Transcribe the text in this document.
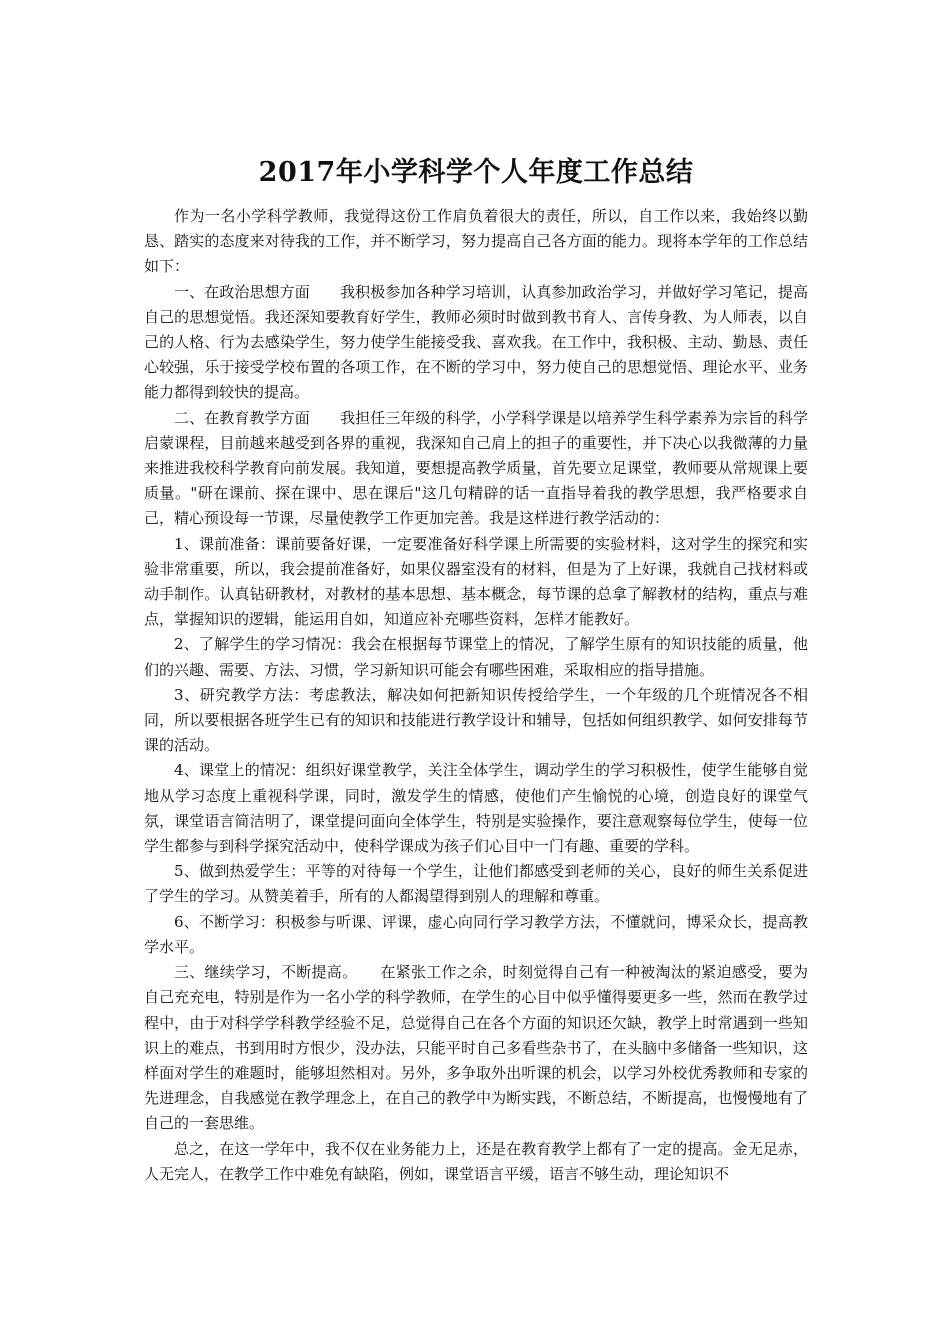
2017年小学科学个人年度工作总结

作为一名小学科学教师，我觉得这份工作肩负着很大的责任，所以，自工作以来，我始终以勤恳、踏实的态度来对待我的工作，并不断学习，努力提高自己各方面的能力。现将本学年的工作总结如下：

一、在政治思想方面　　我积极参加各种学习培训，认真参加政治学习，并做好学习笔记，提高自己的思想觉悟。我还深知要教育好学生，教师必须时时做到教书育人、言传身教、为人师表，以自己的人格、行为去感染学生，努力使学生能接受我、喜欢我。在工作中，我积极、主动、勤恳、责任心较强，乐于接受学校布置的各项工作，在不断的学习中，努力使自己的思想觉悟、理论水平、业务能力都得到较快的提高。

二、在教育教学方面　　我担任三年级的科学，小学科学课是以培养学生科学素养为宗旨的科学启蒙课程，目前越来越受到各界的重视，我深知自己肩上的担子的重要性，并下决心以我微薄的力量来推进我校科学教育向前发展。我知道，要想提高教学质量，首先要立足课堂，教师要从常规课上要质量。"研在课前、探在课中、思在课后"这几句精辟的话一直指导着我的教学思想，我严格要求自己，精心预设每一节课，尽量使教学工作更加完善。我是这样进行教学活动的：

1、课前准备：课前要备好课，一定要准备好科学课上所需要的实验材料，这对学生的探究和实验非常重要，所以，我会提前准备好，如果仪器室没有的材料，但是为了上好课，我就自己找材料或动手制作。认真钻研教材，对教材的基本思想、基本概念，每节课的总拿了解教材的结构，重点与难点，掌握知识的逻辑，能运用自如，知道应补充哪些资料，怎样才能教好。

2、了解学生的学习情况：我会在根据每节课堂上的情况，了解学生原有的知识技能的质量，他们的兴趣、需要、方法、习惯，学习新知识可能会有哪些困难，采取相应的指导措施。

3、研究教学方法：考虑教法，解决如何把新知识传授给学生，一个年级的几个班情况各不相同，所以要根据各班学生已有的知识和技能进行教学设计和辅导，包括如何组织教学、如何安排每节课的活动。

4、课堂上的情况：组织好课堂教学，关注全体学生，调动学生的学习积极性，使学生能够自觉地从学习态度上重视科学课，同时，激发学生的情感，使他们产生愉悦的心境，创造良好的课堂气氛，课堂语言简洁明了，课堂提问面向全体学生，特别是实验操作，要注意观察每位学生，使每一位学生都参与到科学探究活动中，使科学课成为孩子们心目中一门有趣、重要的学科。

5、做到热爱学生：平等的对待每一个学生，让他们都感受到老师的关心，良好的师生关系促进了学生的学习。从赞美着手，所有的人都渴望得到别人的理解和尊重。

6、不断学习：积极参与听课、评课，虚心向同行学习教学方法，不懂就问，博采众长，提高教学水平。

三、继续学习，不断提高。　　在紧张工作之余，时刻觉得自己有一种被淘汰的紧迫感受，要为自己充充电，特别是作为一名小学的科学教师，在学生的心目中似乎懂得要更多一些，然而在教学过程中，由于对科学学科教学经验不足，总觉得自己在各个方面的知识还欠缺，教学上时常遇到一些知识上的难点，书到用时方恨少，没办法，只能平时自己多看些杂书了，在头脑中多储备一些知识，这样面对学生的难题时，能够坦然相对。另外，多争取外出听课的机会，以学习外校优秀教师和专家的先进理念，自我感觉在教学理念上，在自己的教学中为断实践，不断总结，不断提高，也慢慢地有了自己的一套思维。

总之，在这一学年中，我不仅在业务能力上，还是在教育教学上都有了一定的提高。金无足赤，人无完人，在教学工作中难免有缺陷，例如，课堂语言平缓，语言不够生动，理论知识不
